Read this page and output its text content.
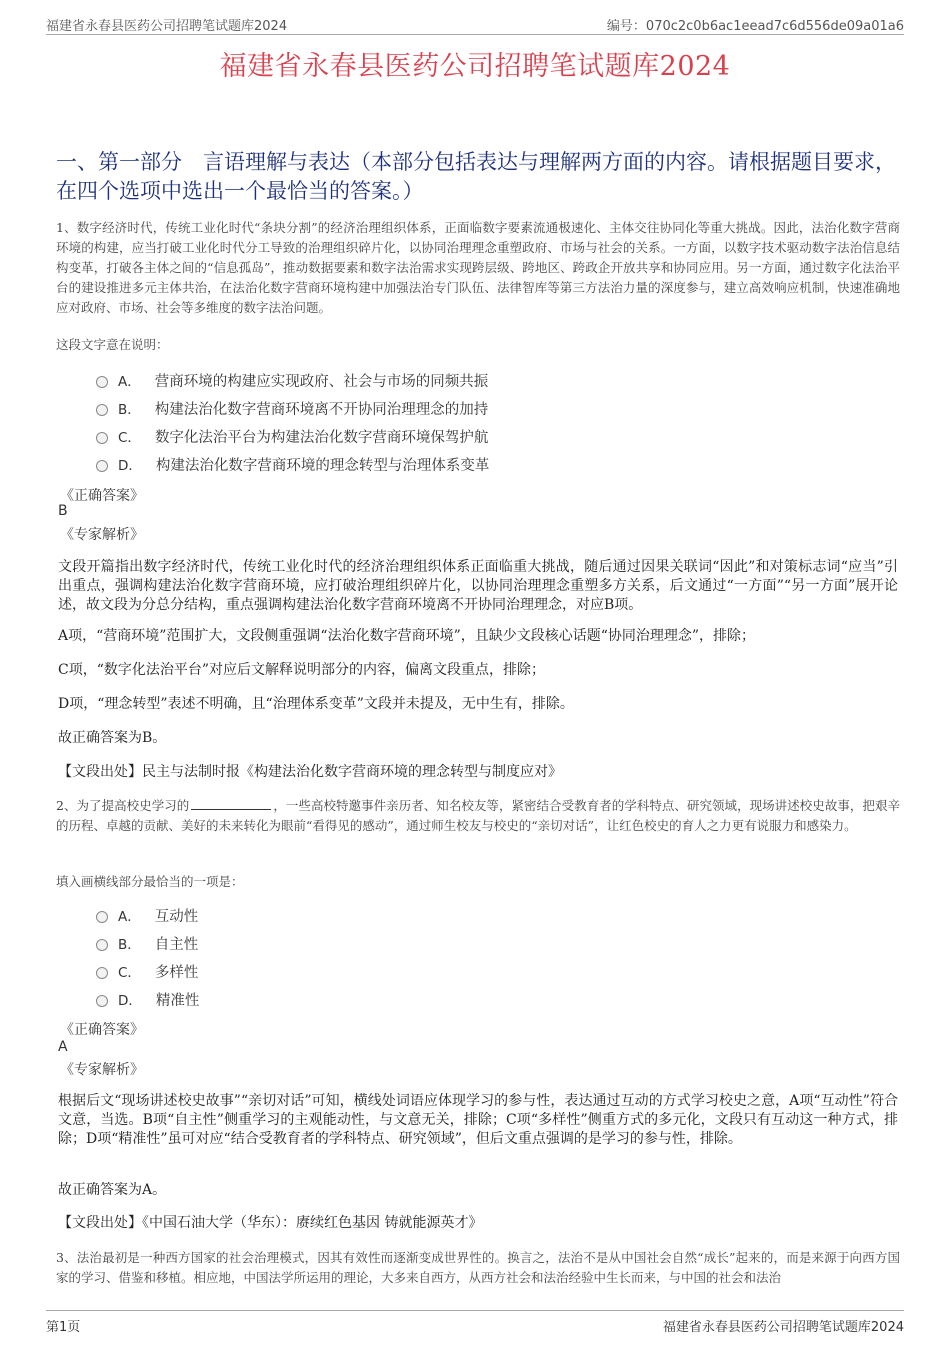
福建省永春县医药公司招聘笔试题库2024	编号：070c2c0b6ac1eead7c6d556de09a01a6
福建省永春县医药公司招聘笔试题库2024
一、第一部分　言语理解与表达（本部分包括表达与理解两方面的内容。请根据题目要求，在四个选项中选出一个最恰当的答案。）
1、数字经济时代，传统工业化时代“条块分割”的经济治理组织体系，正面临数字要素流通极速化、主体交往协同化等重大挑战。因此，法治化数字营商环境的构建，应当打破工业化时代分工导致的治理组织碎片化，以协同治理理念重塑政府、市场与社会的关系。一方面，以数字技术驱动数字法治信息结构变革，打破各主体之间的“信息孤岛”，推动数据要素和数字法治需求实现跨层级、跨地区、跨政企开放共享和协同应用。另一方面，通过数字化法治平台的建设推进多元主体共治，在法治化数字营商环境构建中加强法治专门队伍、法律智库等第三方法治力量的深度参与，建立高效响应机制，快速准确地应对政府、市场、社会等多维度的数字法治问题。
这段文字意在说明：
A． 营商环境的构建应实现政府、社会与市场的同频共振
B． 构建法治化数字营商环境离不开协同治理理念的加持
C． 数字化法治平台为构建法治化数字营商环境保驾护航
D． 构建法治化数字营商环境的理念转型与治理体系变革
《正确答案》
B
《专家解析》
文段开篇指出数字经济时代，传统工业化时代的经济治理组织体系正面临重大挑战，随后通过因果关联词“因此”和对策标志词“应当”引出重点，强调构建法治化数字营商环境，应打破治理组织碎片化，以协同治理理念重塑多方关系，后文通过“一方面”“另一方面”展开论述，故文段为分总分结构，重点强调构建法治化数字营商环境离不开协同治理理念，对应B项。
A项，“营商环境”范围扩大，文段侧重强调“法治化数字营商环境”，且缺少文段核心话题“协同治理理念”，排除；
C项，“数字化法治平台”对应后文解释说明部分的内容，偏离文段重点，排除；
D项，“理念转型”表述不明确，且“治理体系变革”文段并未提及，无中生有，排除。
故正确答案为B。
【文段出处】民主与法制时报《构建法治化数字营商环境的理念转型与制度应对》
2、为了提高校史学习的	，一些高校特邀事件亲历者、知名校友等，紧密结合受教育者的学科特点、研究领域，现场讲述校史故事，把艰辛的历程、卓越的贡献、美好的未来转化为眼前“看得见的感动”，通过师生校友与校史的“亲切对话”，让红色校史的育人之力更有说服力和感染力。
填入画横线部分最恰当的一项是：
A． 互动性
B． 自主性
C． 多样性
D． 精准性
《正确答案》
A
《专家解析》
根据后文“现场讲述校史故事”“亲切对话”可知，横线处词语应体现学习的参与性，表达通过互动的方式学习校史之意，A项“互动性”符合文意，当选。B项“自主性”侧重学习的主观能动性，与文意无关，排除；C项“多样性”侧重方式的多元化，文段只有互动这一种方式，排除；D项“精准性”虽可对应“结合受教育者的学科特点、研究领域”，但后文重点强调的是学习的参与性，排除。
故正确答案为A。
【文段出处】《中国石油大学（华东）：赓续红色基因 铸就能源英才》
3、法治最初是一种西方国家的社会治理模式，因其有效性而逐渐变成世界性的。换言之，法治不是从中国社会自然“成长”起来的，而是来源于向西方国家的学习、借鉴和移植。相应地，中国法学所运用的理论，大多来自西方，从西方社会和法治经验中生长而来，与中国的社会和法治
第1页	福建省永春县医药公司招聘笔试题库2024
